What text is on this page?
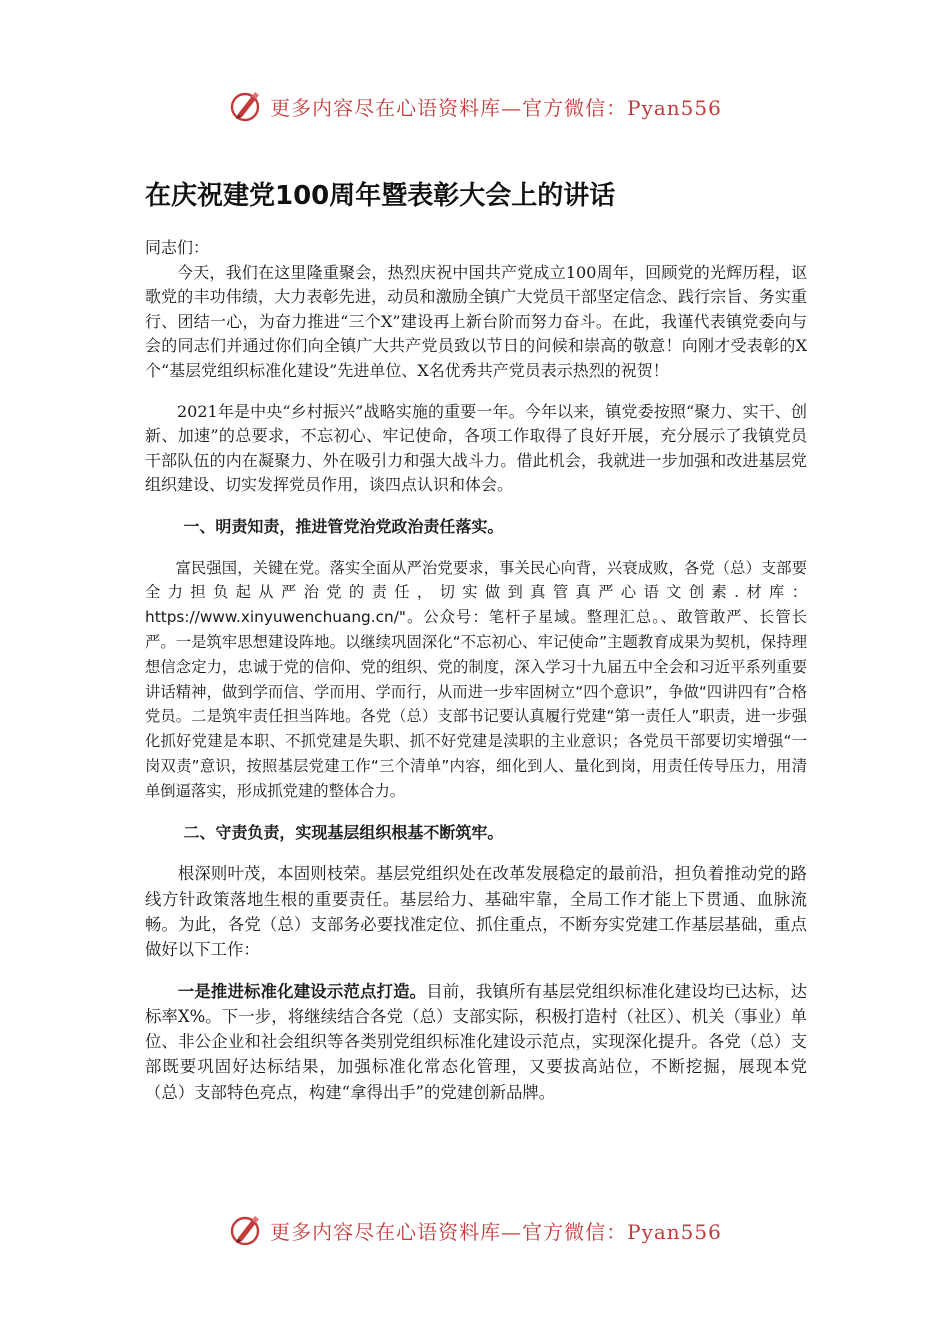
更多内容尽在心语资料库—官方微信：Pyan556
在庆祝建党100周年暨表彰大会上的讲话

同志们：

今天，我们在这里隆重聚会，热烈庆祝中国共产党成立100周年，回顾党的光辉历程，讴歌党的丰功伟绩，大力表彰先进，动员和激励全镇广大党员干部坚定信念、践行宗旨、务实重行、团结一心，为奋力推进“三个X”建设再上新台阶而努力奋斗。在此，我谨代表镇党委向与会的同志们并通过你们向全镇广大共产党员致以节日的问候和崇高的敬意！向刚才受表彰的X个“基层党组织标准化建设”先进单位、X名优秀共产党员表示热烈的祝贺！

2021年是中央“乡村振兴”战略实施的重要一年。今年以来，镇党委按照“聚力、实干、创新、加速”的总要求，不忘初心、牢记使命，各项工作取得了良好开展，充分展示了我镇党员干部队伍的内在凝聚力、外在吸引力和强大战斗力。借此机会，我就进一步加强和改进基层党组织建设、切实发挥党员作用，谈四点认识和体会。

一、明责知责，推进管党治党政治责任落实。

富民强国，关键在党。落实全面从严治党要求，事关民心向背，兴衰成败，各党（总）支部要全力担负起从严治党的责任，切实做到真管真严心语文创素.材库：https://www.xinyuwenchuang.cn/"。公众号：笔杆子星域。整理汇总。、敢管敢严、长管长严。一是筑牢思想建设阵地。以继续巩固深化“不忘初心、牢记使命”主题教育成果为契机，保持理想信念定力，忠诚于党的信仰、党的组织、党的制度，深入学习十九届五中全会和习近平系列重要讲话精神，做到学而信、学而用、学而行，从而进一步牢固树立“四个意识”，争做“四讲四有”合格党员。二是筑牢责任担当阵地。各党（总）支部书记要认真履行党建“第一责任人”职责，进一步强化抓好党建是本职、不抓党建是失职、抓不好党建是渎职的主业意识；各党员干部要切实增强“一岗双责”意识，按照基层党建工作“三个清单”内容，细化到人、量化到岗，用责任传导压力，用清单倒逼落实，形成抓党建的整体合力。

二、守责负责，实现基层组织根基不断筑牢。

根深则叶茂，本固则枝荣。基层党组织处在改革发展稳定的最前沿，担负着推动党的路线方针政策落地生根的重要责任。基层给力、基础牢靠，全局工作才能上下贯通、血脉流畅。为此，各党（总）支部务必要找准定位、抓住重点，不断夯实党建工作基层基础，重点做好以下工作：

一是推进标准化建设示范点打造。目前，我镇所有基层党组织标准化建设均已达标，达标率X%。下一步，将继续结合各党（总）支部实际，积极打造村（社区）、机关（事业）单位、非公企业和社会组织等各类别党组织标准化建设示范点，实现深化提升。各党（总）支部既要巩固好达标结果，加强标准化常态化管理，又要拔高站位，不断挖掘，展现本党（总）支部特色亮点，构建“拿得出手”的党建创新品牌。

更多内容尽在心语资料库—官方微信：Pyan556
